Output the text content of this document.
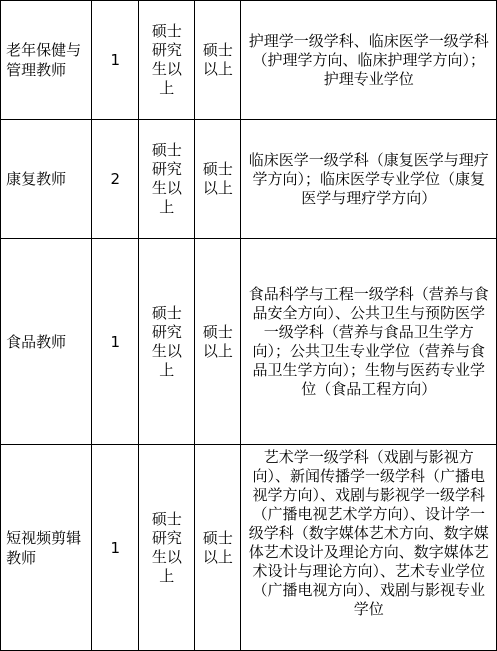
老年保健与管理教师	1	硕士研究生以上	硕士以上	护理学一级学科、临床医学一级学科（护理学方向、临床护理学方向）；护理专业学位

康复教师	2	硕士研究生以上	硕士以上	临床医学一级学科（康复医学与理疗学方向）；临床医学专业学位（康复医学与理疗学方向）

食品教师	1	硕士研究生以上	硕士以上	食品科学与工程一级学科（营养与食品安全方向）、公共卫生与预防医学一级学科（营养与食品卫生学方向）；公共卫生专业学位（营养与食品卫生学方向）；生物与医药专业学位（食品工程方向）

短视频剪辑教师	1	硕士研究生以上	硕士以上	艺术学一级学科（戏剧与影视方向）、新闻传播学一级学科（广播电视学方向）、戏剧与影视学一级学科（广播电视艺术学方向）、设计学一级学科（数字媒体艺术方向、数字媒体艺术设计及理论方向、数字媒体艺术设计与理论方向）、艺术专业学位（广播电视方向）、戏剧与影视专业学位
